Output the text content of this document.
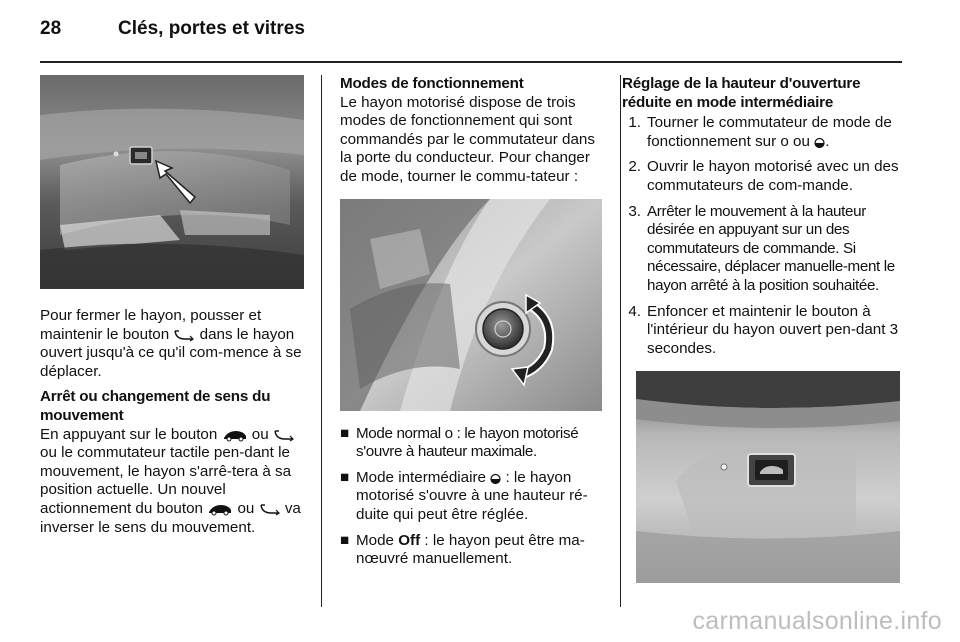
28	Clés, portes et vitres

Pour fermer le hayon, pousser et maintenir le bouton dans le hayon ouvert jusqu'à ce qu'il com-mence à se déplacer.

Arrêt ou changement de sens du mouvement

En appuyant sur le bouton ou  ou le commutateur tactile pen-dant le mouvement, le hayon s'arrê-tera à sa position actuelle. Un nouvel actionnement du bouton ou va inverser le sens du mouvement.

Modes de fonctionnement

Le hayon motorisé dispose de trois modes de fonctionnement qui sont commandés par le commutateur dans la porte du conducteur. Pour changer de mode, tourner le commu-tateur :

■ Mode normal o : le hayon motorisé s'ouvre à hauteur maximale.
■ Mode intermédiaire : le hayon motorisé s'ouvre à une hauteur ré-duite qui peut être réglée.
■ Mode Off : le hayon peut être ma-nœuvré manuellement.
Réglage de la hauteur d'ouverture réduite en mode intermédiaire
1. Tourner le commutateur de mode de fonctionnement sur o ou .
2. Ouvrir le hayon motorisé avec un des commutateurs de com-mande.
3. Arrêter le mouvement à la hauteur désirée en appuyant sur un des commutateurs de commande. Si nécessaire, déplacer manuelle-ment le hayon arrêté à la position souhaitée.
4. Enfoncer et maintenir le bouton à l'intérieur du hayon ouvert pen-dant 3 secondes.
carmanualsonline.info
